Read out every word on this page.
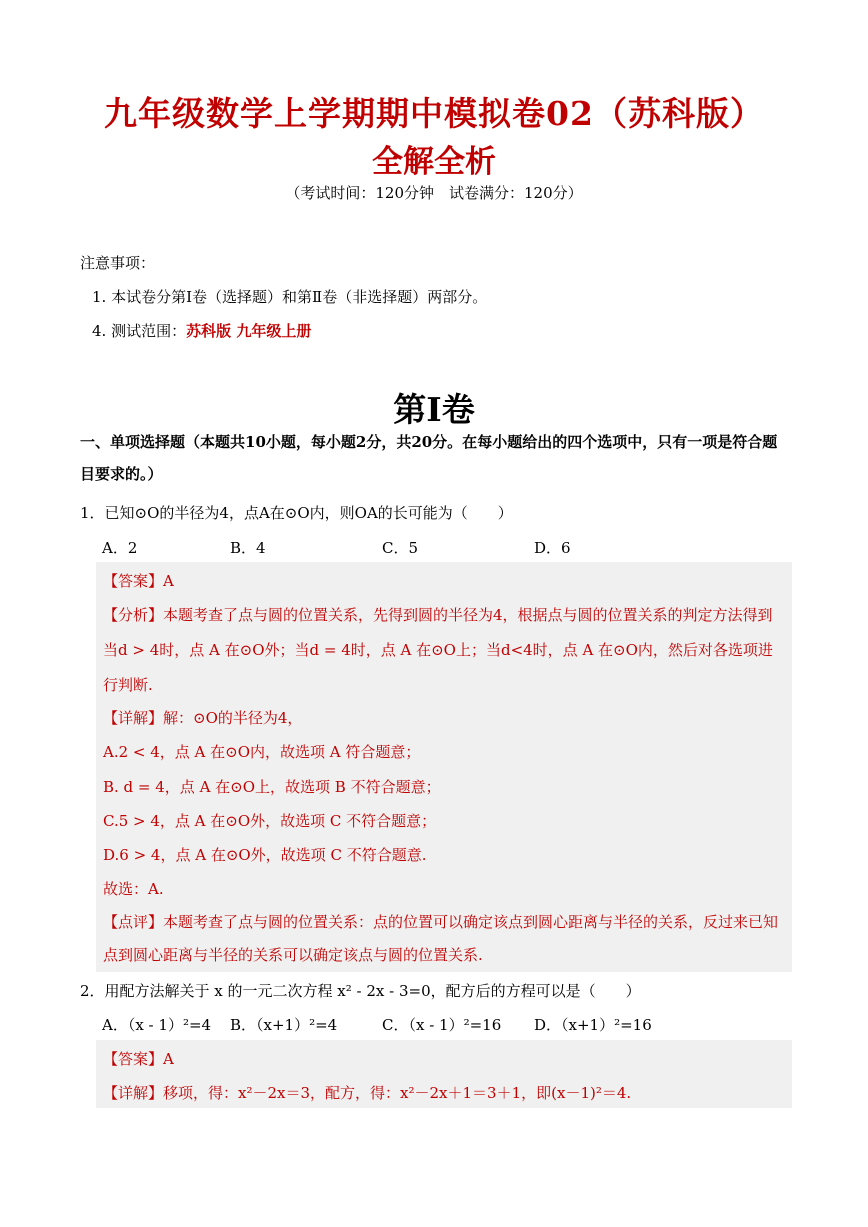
九年级数学上学期期中模拟卷02（苏科版）
全解全析
（考试时间：120分钟　试卷满分：120分）
注意事项：
1. 本试卷分第Ⅰ卷（选择题）和第Ⅱ卷（非选择题）两部分。
4. 测试范围：苏科版 九年级上册
第Ⅰ卷
一、单项选择题（本题共10小题，每小题2分，共20分。在每小题给出的四个选项中，只有一项是符合题目要求的。）
1．已知⊙O的半径为4，点A在⊙O内，则OA的长可能为（　　）
A．2	B．4	C．5	D．6
【答案】A
【分析】本题考查了点与圆的位置关系，先得到圆的半径为4，根据点与圆的位置关系的判定方法得到
当d > 4时，点 A 在⊙O外；当d = 4时，点 A 在⊙O上；当d<4时，点 A 在⊙O内，然后对各选项进
行判断.
【详解】解：⊙O的半径为4，
A.2 < 4，点 A 在⊙O内，故选项 A 符合题意；
B. d = 4，点 A 在⊙O上，故选项 B 不符合题意；
C.5 > 4，点 A 在⊙O外，故选项 C 不符合题意；
D.6 > 4，点 A 在⊙O外，故选项 C 不符合题意.
故选：A.
【点评】本题考查了点与圆的位置关系：点的位置可以确定该点到圆心距离与半径的关系，反过来已知
点到圆心距离与半径的关系可以确定该点与圆的位置关系.
2．用配方法解关于 x 的一元二次方程 x² - 2x - 3=0，配方后的方程可以是（　　）
A．（x - 1）²=4 B．（x+1）²=4	C．（x - 1）²=16 D．（x+1）²=16
【答案】A
【详解】移项，得：x²－2x＝3，配方，得：x²－2x＋1＝3＋1，即(x－1)²＝4.
